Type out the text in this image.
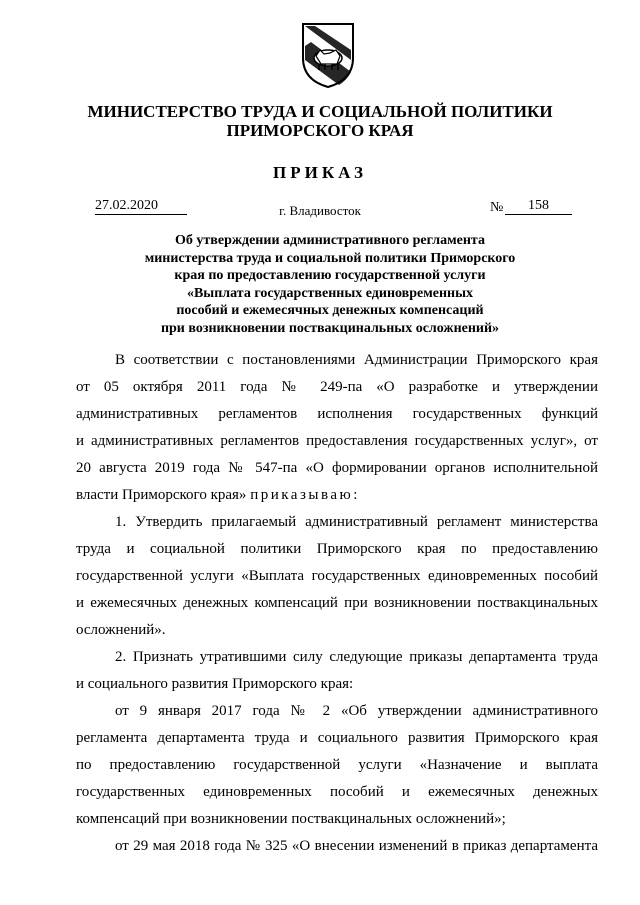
МИНИСТЕРСТВО ТРУДА И СОЦИАЛЬНОЙ ПОЛИТИКИ
ПРИМОРСКОГО КРАЯ
ПРИКАЗ
27.02.2020	г. Владивосток	№	158
Об утверждении административного регламента
министерства труда и социальной политики Приморского
края по предоставлению государственной услуги
«Выплата государственных единовременных
пособий и ежемесячных денежных компенсаций
при возникновении поствакцинальных осложнений»
В соответствии с постановлениями Администрации Приморского края
от 05 октября 2011 года № 249-па «О разработке и утверждении
административных регламентов исполнения государственных функций
и административных регламентов предоставления государственных услуг», от
20 августа 2019 года № 547-па «О формировании органов исполнительной
власти Приморского края» приказываю:
1. Утвердить прилагаемый административный регламент министерства
труда и социальной политики Приморского края по предоставлению
государственной услуги «Выплата государственных единовременных пособий
и ежемесячных денежных компенсаций при возникновении поствакцинальных
осложнений».
2. Признать утратившими силу следующие приказы департамента труда
и социального развития Приморского края:
от 9 января 2017 года № 2 «Об утверждении административного
регламента департамента труда и социального развития Приморского края
по предоставлению государственной услуги «Назначение и выплата
государственных единовременных пособий и ежемесячных денежных
компенсаций при возникновении поствакцинальных осложнений»;
от 29 мая 2018 года № 325 «О внесении изменений в приказ департамента
